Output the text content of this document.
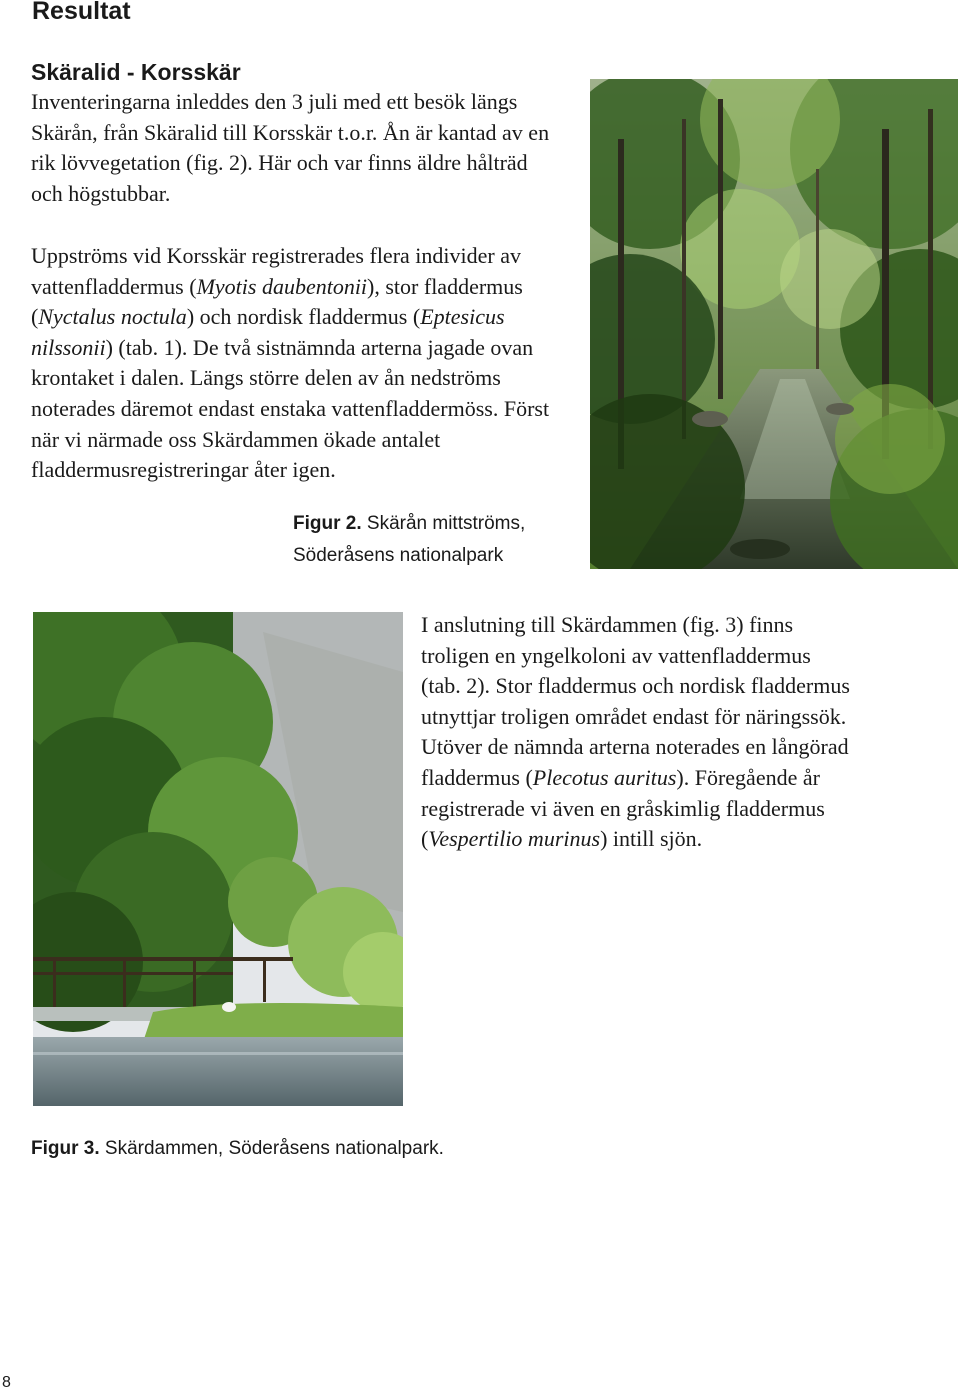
Resultat
Skäralid - Korsskär
Inventeringarna inleddes den 3 juli med ett besök längs Skärån, från Skäralid till Korsskär t.o.r. Ån är kantad av en rik lövvegetation (fig. 2). Här och var finns äldre hålträd och högstubbar.
Uppströms vid Korsskär registrerades flera individer av vattenfladdermus (Myotis daubentonii), stor fladdermus (Nyctalus noctula) och nordisk fladdermus (Eptesicus nilssonii) (tab. 1). De två sistnämnda arterna jagade ovan krontaket i dalen. Längs större delen av ån nedströms noterades däremot endast enstaka vattenfladdermöss. Först när vi närmade oss Skärdammen ökade antalet fladdermusregistreringar åter igen.
Figur 2. Skärån mittströms,
Söderåsens nationalpark
I anslutning till Skärdammen (fig. 3) finns troligen en yngelkoloni av vattenfladdermus (tab. 2). Stor fladdermus och nordisk fladdermus utnyttjar troligen området endast för näringssök. Utöver de nämnda arterna noterades en långörad fladdermus (Plecotus auritus). Föregående år registrerade vi även en gråskimlig fladdermus (Vespertilio murinus) intill sjön.
Figur 3. Skärdammen, Söderåsens nationalpark.
8
